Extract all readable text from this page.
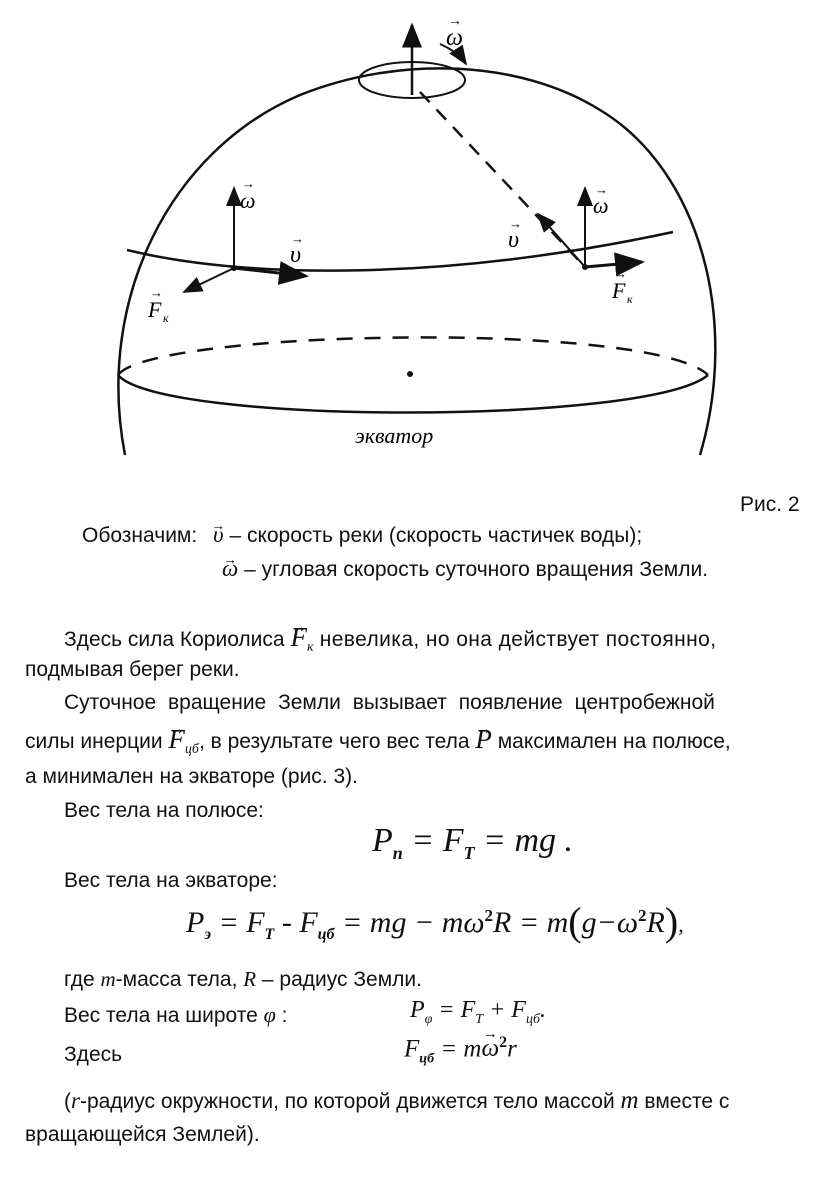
ω
→
ω
→
υ
→
F к
→
υ
→
ω
→
F к
→
экватор
Рис. 2
Обозначим: → υ – скорость реки (скорость частичек воды);
→ ω – угловая скорость суточного вращения Земли.
Здесь сила Кориолиса → $F_к$ невелика, но она действует постоянно,
подмывая берег реки.
Суточное вращение Земли вызывает появление центробежной
силы инерции → $F_{цб}$, в результате чего вес тела → P максимален на полюсе,
а минимален на экваторе (рис. 3).
Вес тела на полюсе:
$P_п = F_Т$ = mg .
Вес тела на экваторе:
$P_э = F_T - F_{цб}$ = mg − $m\omega^2R = m(g-\omega^2R)$,
где m-масса тела, R – радиус Земли.
Вес тела на широте φ :	$P_\varphi = F_T + F_{цб}$.
Здесь	$F_{цб} = m\to \omega^2r$
(r-радиус окружности, по которой движется тело массой m вместе с
вращающейся Землей).
